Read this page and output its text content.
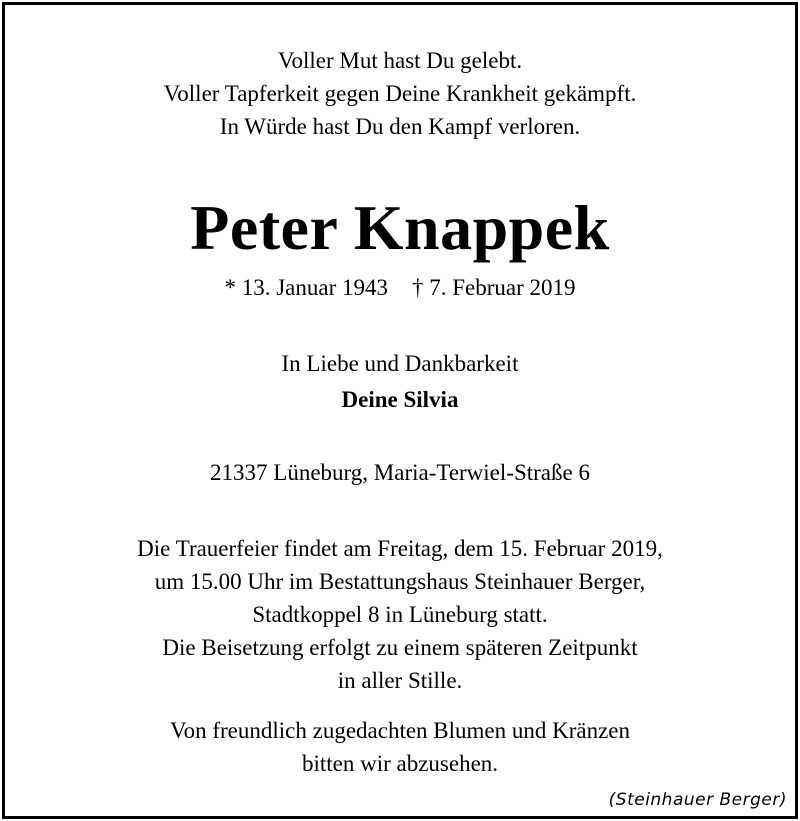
Voller Mut hast Du gelebt.
Voller Tapferkeit gegen Deine Krankheit gekämpft.
In Würde hast Du den Kampf verloren.
Peter Knappek
* 13. Januar 1943 † 7. Februar 2019
In Liebe und Dankbarkeit
Deine Silvia
21337 Lüneburg, Maria-Terwiel-Straße 6
Die Trauerfeier findet am Freitag, dem 15. Februar 2019,
um 15.00 Uhr im Bestattungshaus Steinhauer Berger,
Stadtkoppel 8 in Lüneburg statt.
Die Beisetzung erfolgt zu einem späteren Zeitpunkt
in aller Stille.
Von freundlich zugedachten Blumen und Kränzen
bitten wir abzusehen.
(Steinhauer Berger)
